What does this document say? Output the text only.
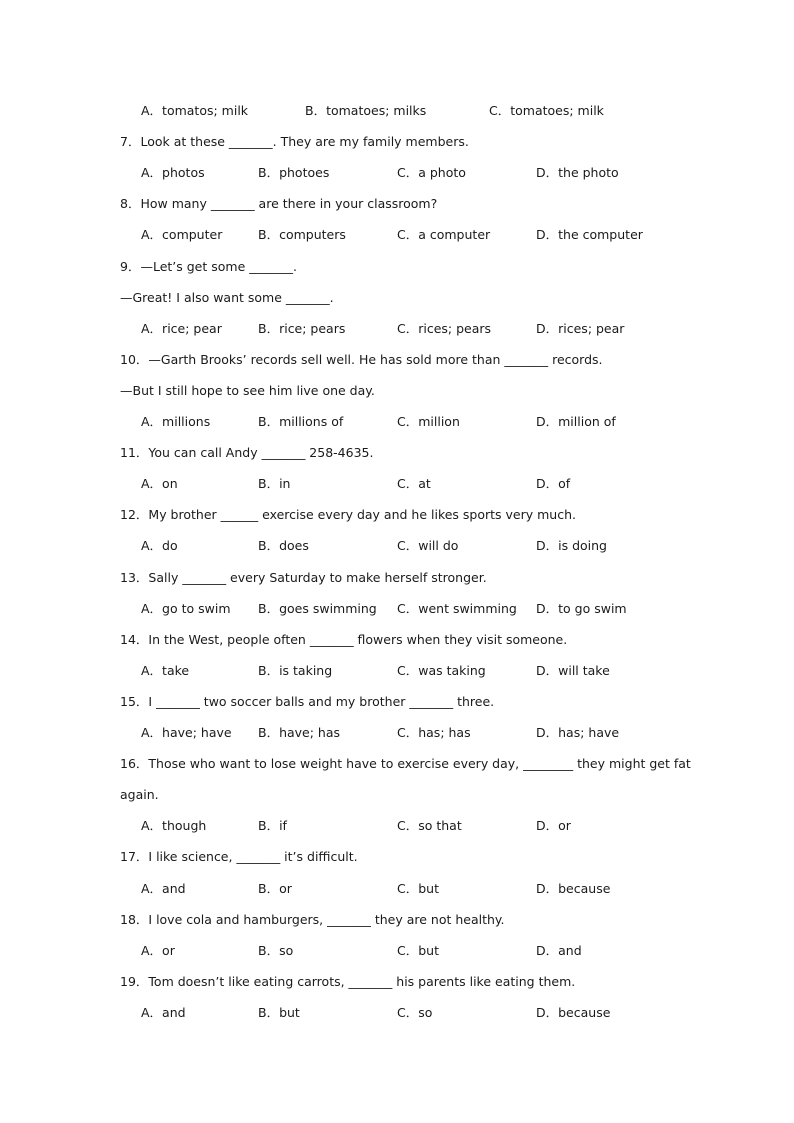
A．tomatos; milk	B．tomatoes; milks	C．tomatoes; milk
7．Look at these _______. They are my family members.
A．photos	B．photoes	C．a photo	D．the photo
8．How many _______ are there in your classroom?
A．computer	B．computers	C．a computer	D．the computer
9．—Let’s get some _______.
—Great! I also want some _______.
A．rice; pear	B．rice; pears	C．rices; pears	D．rices; pear
10．—Garth Brooks’ records sell well. He has sold more than _______ records.
—But I still hope to see him live one day.
A．millions	B．millions of	C．million	D．million of
11．You can call Andy _______ 258-4635.
A．on	B．in	C．at	D．of
12．My brother ______ exercise every day and he likes sports very much.
A．do	B．does	C．will do	D．is doing
13．Sally _______ every Saturday to make herself stronger.
A．go to swim B．goes swimming C．went swimming D．to go swim
14．In the West, people often _______ flowers when they visit someone.
A．take	B．is taking	C．was taking	D．will take
15．I _______ two soccer balls and my brother _______ three.
A．have; have B．have; has	C．has; has	D．has; have
16．Those who want to lose weight have to exercise every day, ________ they might get fat
again.
A．though	B．if	C．so that	D．or
17．I like science, _______ it’s difficult.
A．and	B．or	C．but	D．because
18．I love cola and hamburgers, _______ they are not healthy.
A．or	B．so	C．but	D．and
19．Tom doesn’t like eating carrots, _______ his parents like eating them.
A．and	B．but	C．so	D．because
